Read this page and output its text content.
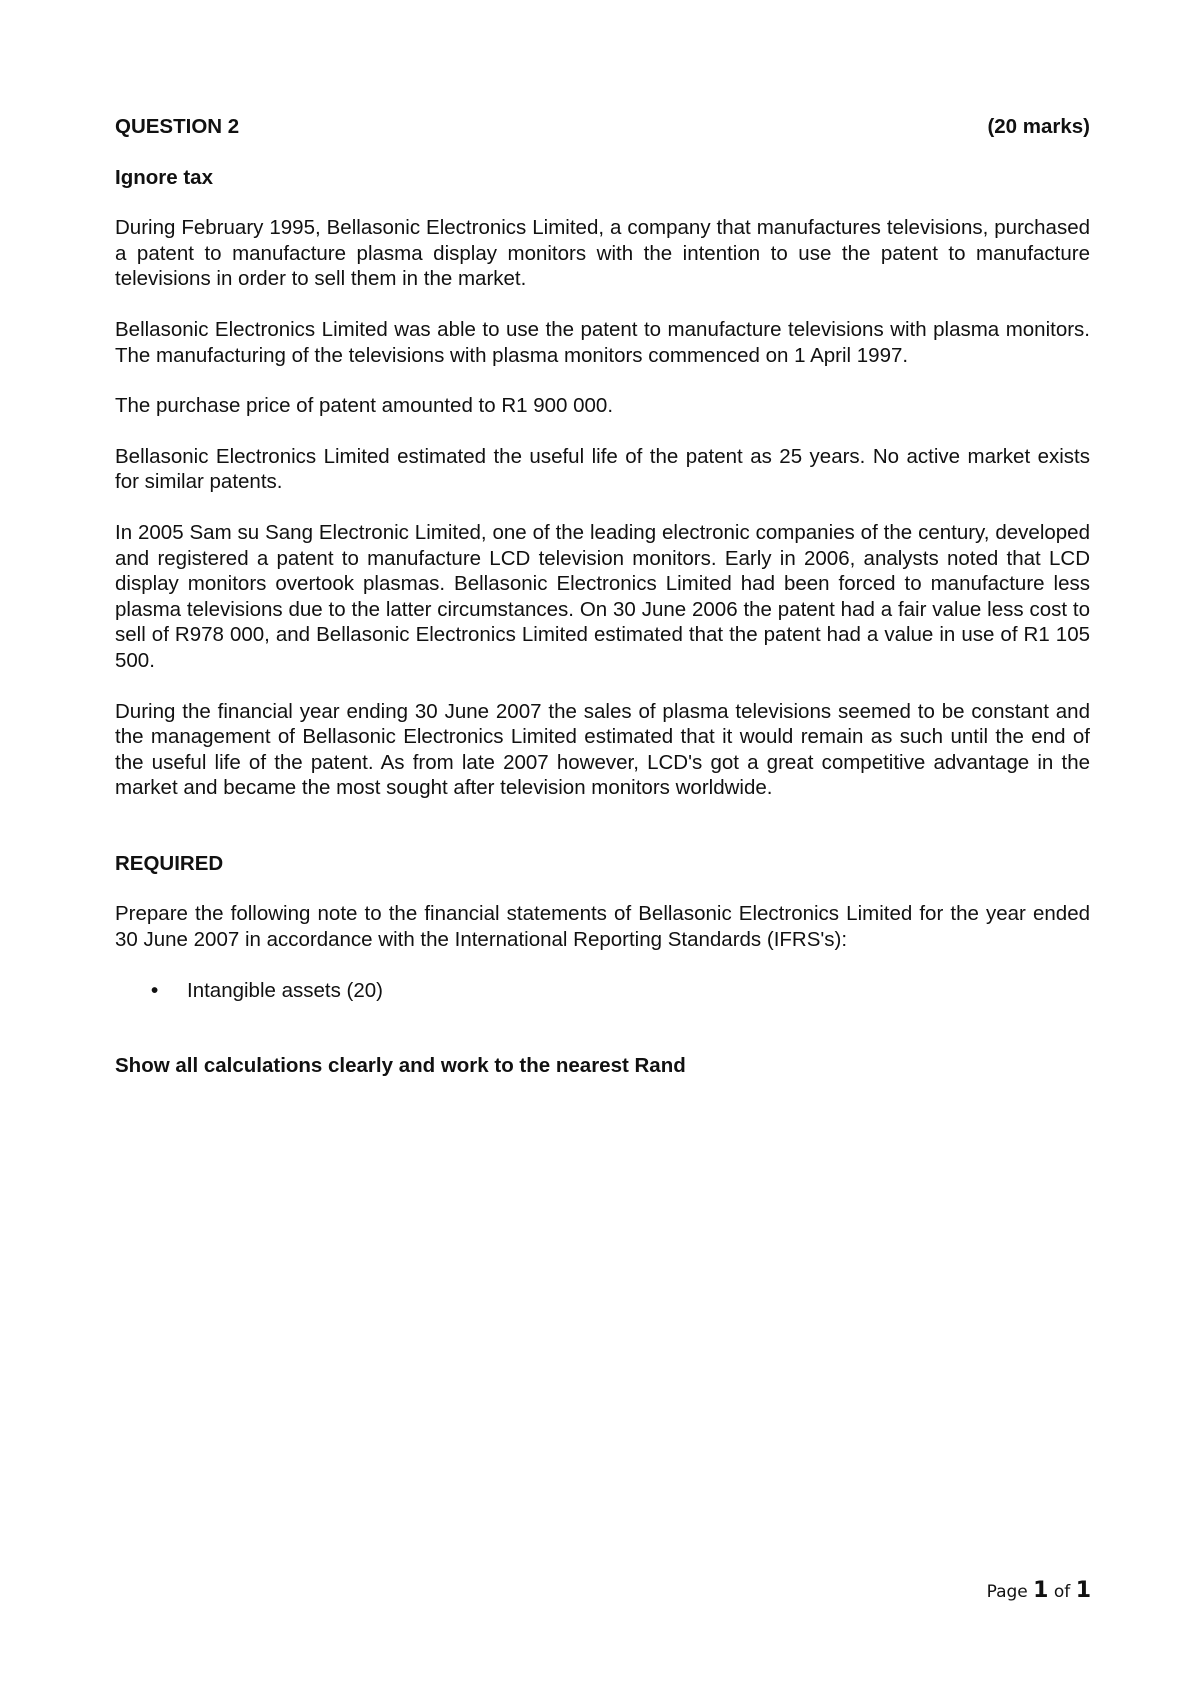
QUESTION 2	(20 marks)
Ignore tax

During February 1995, Bellasonic Electronics Limited, a company that manufactures televisions, purchased a patent to manufacture plasma display monitors with the intention to use the patent to manufacture televisions in order to sell them in the market.

Bellasonic Electronics Limited was able to use the patent to manufacture televisions with plasma monitors. The manufacturing of the televisions with plasma monitors commenced on 1 April 1997.

The purchase price of patent amounted to R1 900 000.

Bellasonic Electronics Limited estimated the useful life of the patent as 25 years. No active market exists for similar patents.

In 2005 Sam su Sang Electronic Limited, one of the leading electronic companies of the century, developed and registered a patent to manufacture LCD television monitors. Early in 2006, analysts noted that LCD display monitors overtook plasmas. Bellasonic Electronics Limited had been forced to manufacture less plasma televisions due to the latter circumstances. On 30 June 2006 the patent had a fair value less cost to sell of R978 000, and Bellasonic Electronics Limited estimated that the patent had a value in use of R1 105 500.

During the financial year ending 30 June 2007 the sales of plasma televisions seemed to be constant and the management of Bellasonic Electronics Limited estimated that it would remain as such until the end of the useful life of the patent. As from late 2007 however, LCD's got a great competitive advantage in the market and became the most sought after television monitors worldwide.

REQUIRED

Prepare the following note to the financial statements of Bellasonic Electronics Limited for the year ended 30 June 2007 in accordance with the International Reporting Standards (IFRS's):

• Intangible assets (20)
Show all calculations clearly and work to the nearest Rand
Page 1 of 1
